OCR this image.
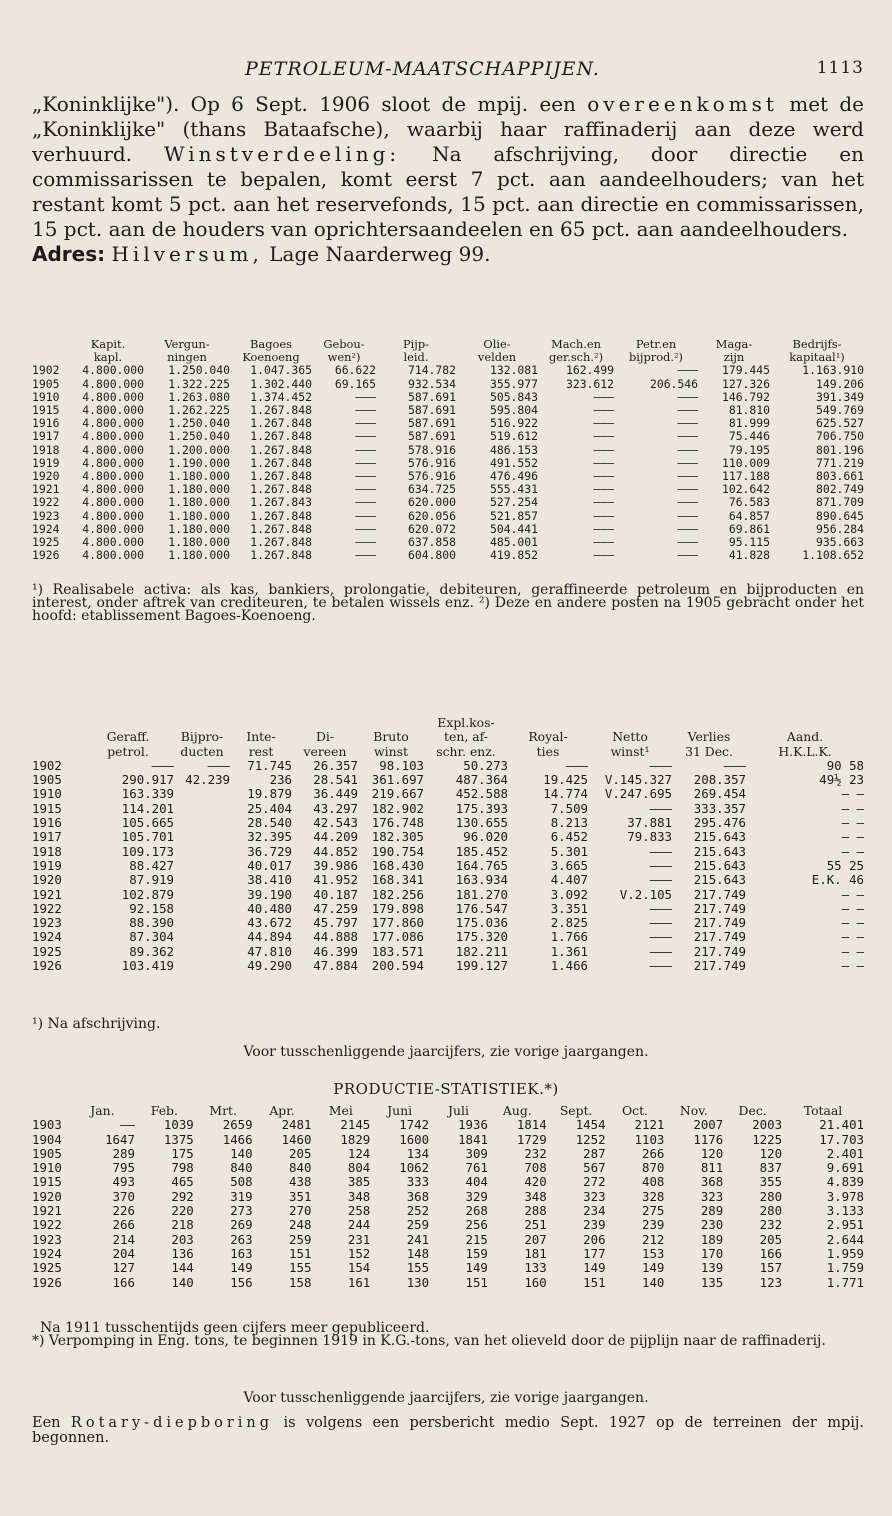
PETROLEUM-MAATSCHAPPIJEN.	1113

„Koninklijke"). Op 6 Sept. 1906 sloot de mpij. een overeenkomst met de „Koninklijke" (thans Bataafsche), waarbij haar raffinaderij aan deze werd verhuurd. Winstverdeeling: Na afschrijving, door directie en commissarissen te bepalen, komt eerst 7 pct. aan aandeelhouders; van het restant komt 5 pct. aan het reservefonds, 15 pct. aan directie en commissarissen, 15 pct. aan de houders van oprichtersaandeelen en 65 pct. aan aandeelhouders.

Adres: Hilversum, Lage Naarderweg 99.

	Kapit.	Vergun-	Bagoes	Gebou-	Pijp-	Olie-	Mach.en	Petr.en	Maga-	Bedrijfs-
	kapl.	ningen	Koenoeng	wen²)	leid.	velden	ger.sch.²)	bijprod.²)	zijn	kapitaal¹)
1902	4.800.000	1.250.040	1.047.365	66.622	714.782	132.081	162.499	———	179.445	1.163.910
1905	4.800.000	1.322.225	1.302.440	69.165	932.534	355.977	323.612	206.546	127.326	149.206
1910	4.800.000	1.263.080	1.374.452	———	587.691	505.843	———	———	146.792	391.349
1915	4.800.000	1.262.225	1.267.848	———	587.691	595.804	———	———	81.810	549.769
1916	4.800.000	1.250.040	1.267.848	———	587.691	516.922	———	———	81.999	625.527
1917	4.800.000	1.250.040	1.267.848	———	587.691	519.612	———	———	75.446	706.750
1918	4.800.000	1.200.000	1.267.848	———	578.916	486.153	———	———	79.195	801.196
1919	4.800.000	1.190.000	1.267.848	———	576.916	491.552	———	———	110.009	771.219
1920	4.800.000	1.180.000	1.267.848	———	576.916	476.496	———	———	117.188	803.661
1921	4.800.000	1.180.000	1.267.848	———	634.725	555.431	———	———	102.642	802.749
1922	4.800.000	1.180.000	1.267.843	———	620.000	527.254	———	———	76.583	871.709
1923	4.800.000	1.180.000	1.267.848	———	620.056	521.857	———	———	64.857	890.645
1924	4.800.000	1.180.000	1.267.848	———	620.072	504.441	———	———	69.861	956.284
1925	4.800.000	1.180.000	1.267.848	———	637.858	485.001	———	———	95.115	935.663
1926	4.800.000	1.180.000	1.267.848	———	604.800	419.852	———	———	41.828	1.108.652

¹) Realisabele activa: als kas, bankiers, prolongatie, debiteuren, geraffineerde petroleum en bijproducten en interest, onder aftrek van crediteuren, te betalen wissels enz. ²) Deze en andere posten na 1905 gebracht onder het hoofd: etablissement Bagoes-Koenoeng.

						Expl.kos-				
	Geraff.	Bijpro-	Inte-	Di-	Bruto	ten, af-	Royal-	Netto	Verlies	Aand.
	petrol.	ducten	rest	vereen	winst	schr. enz.	ties	winst¹	31 Dec.	H.K.L.K.
1902	———	———	71.745	26.357	98.103	50.273	———	———	———	90 58
1905	290.917	42.239	236	28.541	361.697	487.364	19.425	V.145.327	208.357	49½ 23
1910	163.339		19.879	36.449	219.667	452.588	14.774	V.247.695	269.454	— —
1915	114.201		25.404	43.297	182.902	175.393	7.509	———	333.357	— —
1916	105.665		28.540	42.543	176.748	130.655	8.213	37.881	295.476	— —
1917	105.701		32.395	44.209	182.305	96.020	6.452	79.833	215.643	— —
1918	109.173		36.729	44.852	190.754	185.452	5.301	———	215.643	— —
1919	88.427		40.017	39.986	168.430	164.765	3.665	———	215.643	55 25
1920	87.919		38.410	41.952	168.341	163.934	4.407	———	215.643	E.K. 46
1921	102.879		39.190	40.187	182.256	181.270	3.092	V.2.105	217.749	— —
1922	92.158		40.480	47.259	179.898	176.547	3.351	———	217.749	— —
1923	88.390		43.672	45.797	177.860	175.036	2.825	———	217.749	— —
1924	87.304		44.894	44.888	177.086	175.320	1.766	———	217.749	— —
1925	89.362		47.810	46.399	183.571	182.211	1.361	———	217.749	— —
1926	103.419		49.290	47.884	200.594	199.127	1.466	———	217.749	— —

¹) Na afschrijving.

Voor tusschenliggende jaarcijfers, zie vorige jaargangen.
PRODUCTIE-STATISTIEK.*)
	Jan.	Feb.	Mrt.	Apr.	Mei	Juni	Juli	Aug.	Sept.	Oct.	Nov.	Dec.	Totaal
1903	——	1039	2659	2481	2145	1742	1936	1814	1454	2121	2007	2003	21.401
1904	1647	1375	1466	1460	1829	1600	1841	1729	1252	1103	1176	1225	17.703
1905	289	175	140	205	124	134	309	232	287	266	120	120	2.401
1910	795	798	840	840	804	1062	761	708	567	870	811	837	9.691
1915	493	465	508	438	385	333	404	420	272	408	368	355	4.839
1920	370	292	319	351	348	368	329	348	323	328	323	280	3.978
1921	226	220	273	270	258	252	268	288	234	275	289	280	3.133
1922	266	218	269	248	244	259	256	251	239	239	230	232	2.951
1923	214	203	263	259	231	241	215	207	206	212	189	205	2.644
1924	204	136	163	151	152	148	159	181	177	153	170	166	1.959
1925	127	144	149	155	154	155	149	133	149	149	139	157	1.759
1926	166	140	156	158	161	130	151	160	151	140	135	123	1.771

Na 1911 tusschentijds geen cijfers meer gepubliceerd.

*) Verpomping in Eng. tons, te beginnen 1919 in K.G.-tons, van het olieveld door de pijplijn naar de raffinaderij.

Voor tusschenliggende jaarcijfers, zie vorige jaargangen.

Een Rotary-diepboring is volgens een persbericht medio Sept. 1927 op de terreinen der mpij. begonnen.
